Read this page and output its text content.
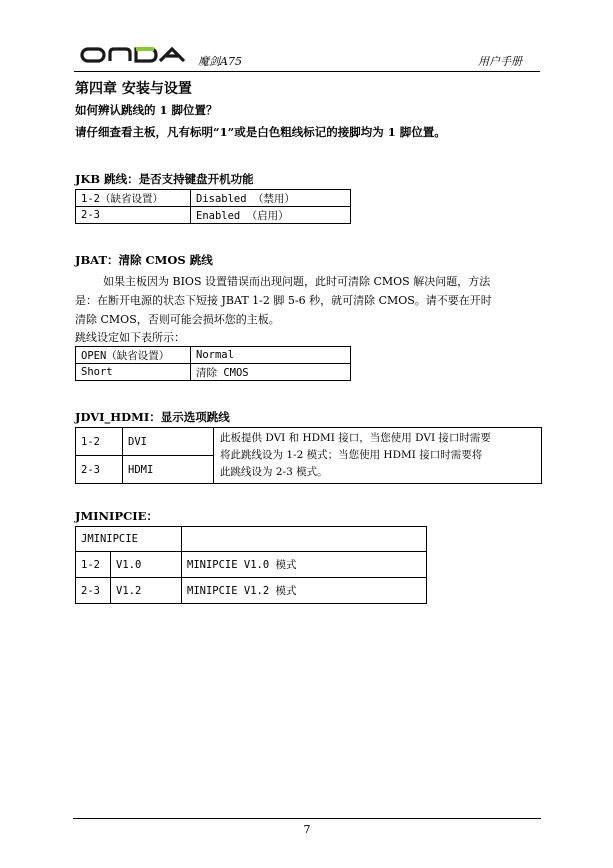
魔剑A75	用户手册
第四章 安装与设置
如何辨认跳线的 1 脚位置？
请仔细查看主板，凡有标明“1”或是白色粗线标记的接脚均为 1 脚位置。
JKB 跳线：是否支持键盘开机功能
1-2（缺省设置）	Disabled （禁用）
2-3	Enabled （启用）
JBAT：清除 CMOS 跳线
如果主板因为 BIOS 设置错误而出现问题，此时可清除 CMOS 解决问题，方法
是：在断开电源的状态下短接 JBAT 1-2 脚 5-6 秒，就可清除 CMOS。请不要在开时
清除 CMOS，否则可能会损坏您的主板。
跳线设定如下表所示：
OPEN（缺省设置）	Normal
Short	清除 CMOS
JDVI_HDMI：显示选项跳线
1-2	DVI	此板提供 DVI 和 HDMI 接口，当您使用 DVI 接口时需要
将此跳线设为 1-2 模式；当您使用 HDMI 接口时需要将
此跳线设为 2-3 模式。

2-3	HDMI	
JMINIPCIE：
JMINIPCIE		
1-2	V1.0	MINIPCIE V1.0 模式
2-3	V1.2	MINIPCIE V1.2 模式
7
